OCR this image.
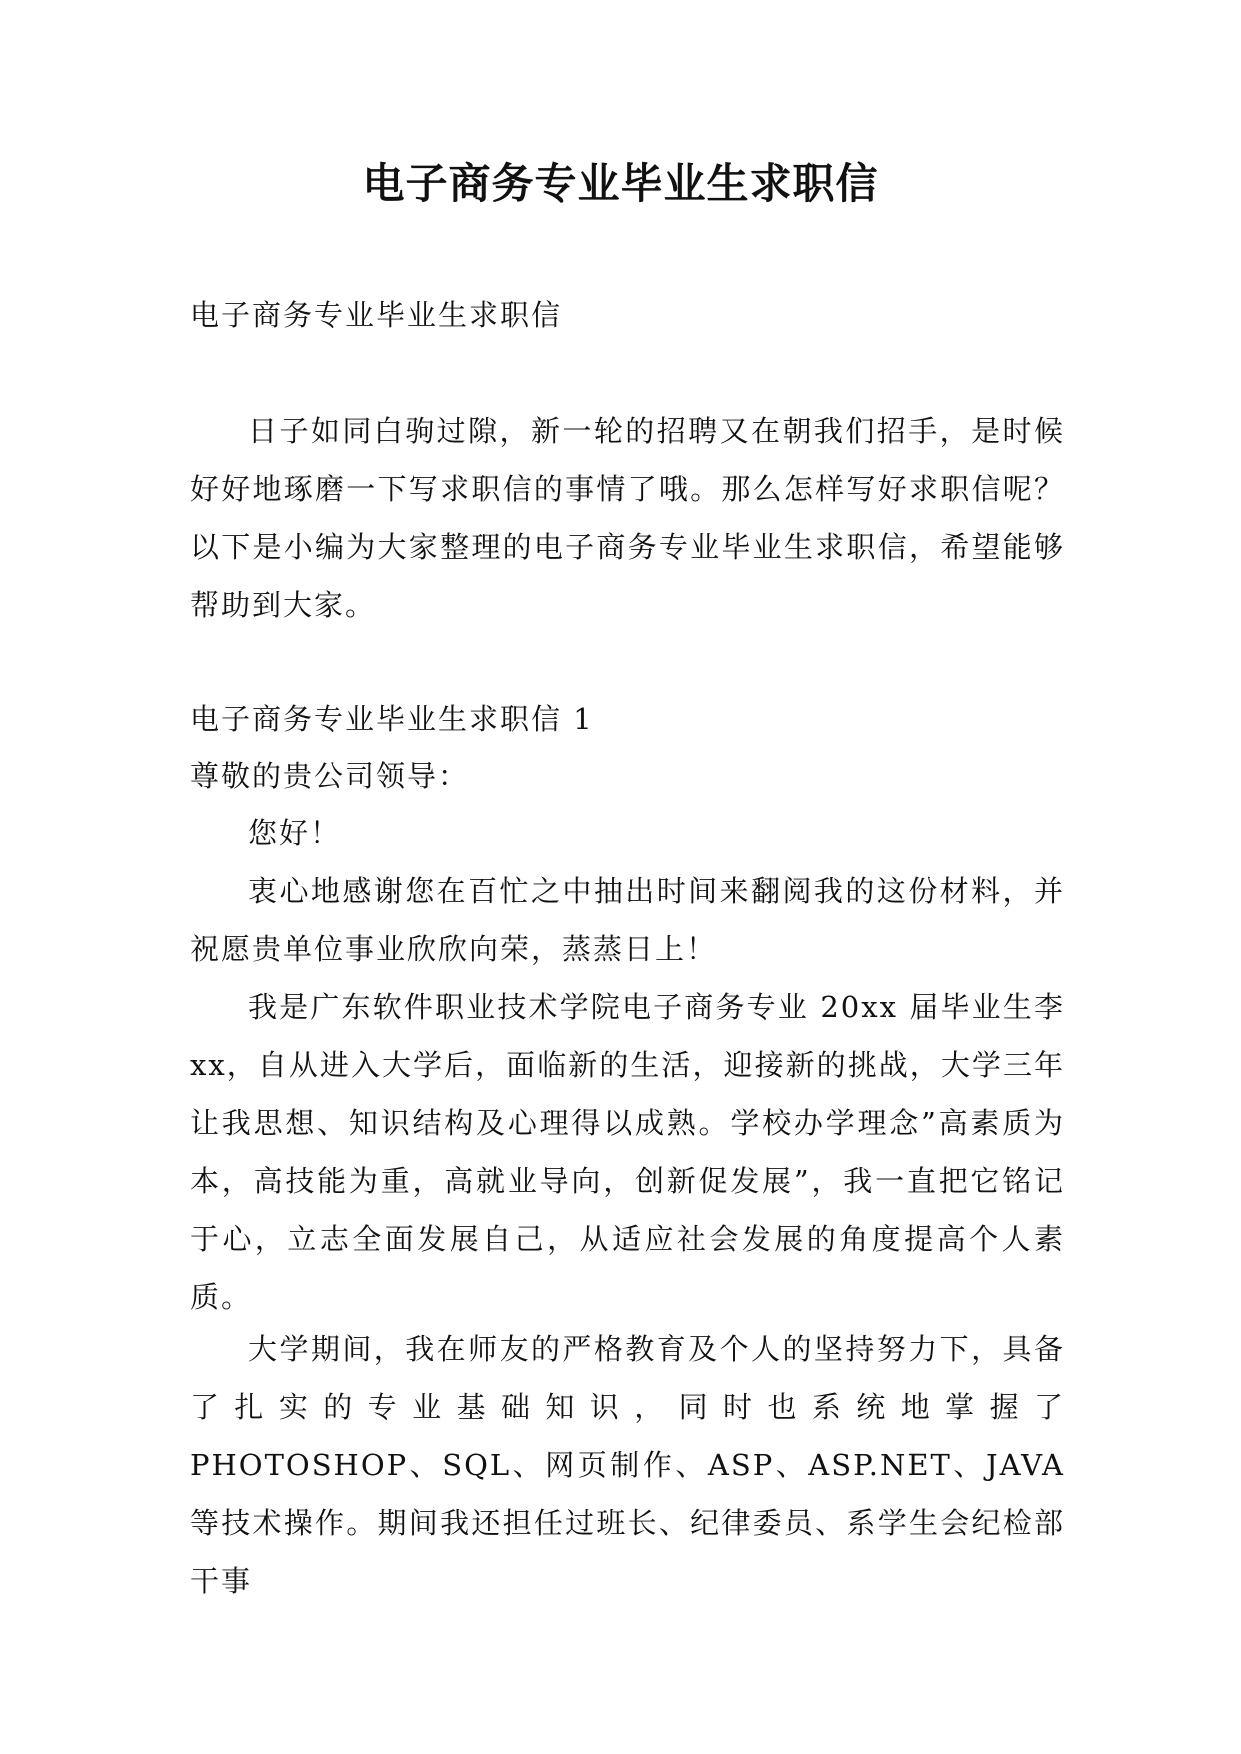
电子商务专业毕业生求职信

电子商务专业毕业生求职信

日子如同白驹过隙，新一轮的招聘又在朝我们招手，是时候好好地琢磨一下写求职信的事情了哦。那么怎样写好求职信呢？以下是小编为大家整理的电子商务专业毕业生求职信，希望能够帮助到大家。

电子商务专业毕业生求职信 1

尊敬的贵公司领导：

您好！

衷心地感谢您在百忙之中抽出时间来翻阅我的这份材料，并祝愿贵单位事业欣欣向荣，蒸蒸日上！

我是广东软件职业技术学院电子商务专业 20xx 届毕业生李 xx，自从进入大学后，面临新的生活，迎接新的挑战，大学三年让我思想、知识结构及心理得以成熟。学校办学理念”高素质为本，高技能为重，高就业导向，创新促发展”，我一直把它铭记于心，立志全面发展自己，从适应社会发展的角度提高个人素质。

大学期间，我在师友的严格教育及个人的坚持努力下，具备了扎实的专业基础知识，同时也系统地掌握了 PHOTOSHOP、SQL、网页制作、ASP、ASP.NET、JAVA 等技术操作。期间我还担任过班长、纪律委员、系学生会纪检部干事
